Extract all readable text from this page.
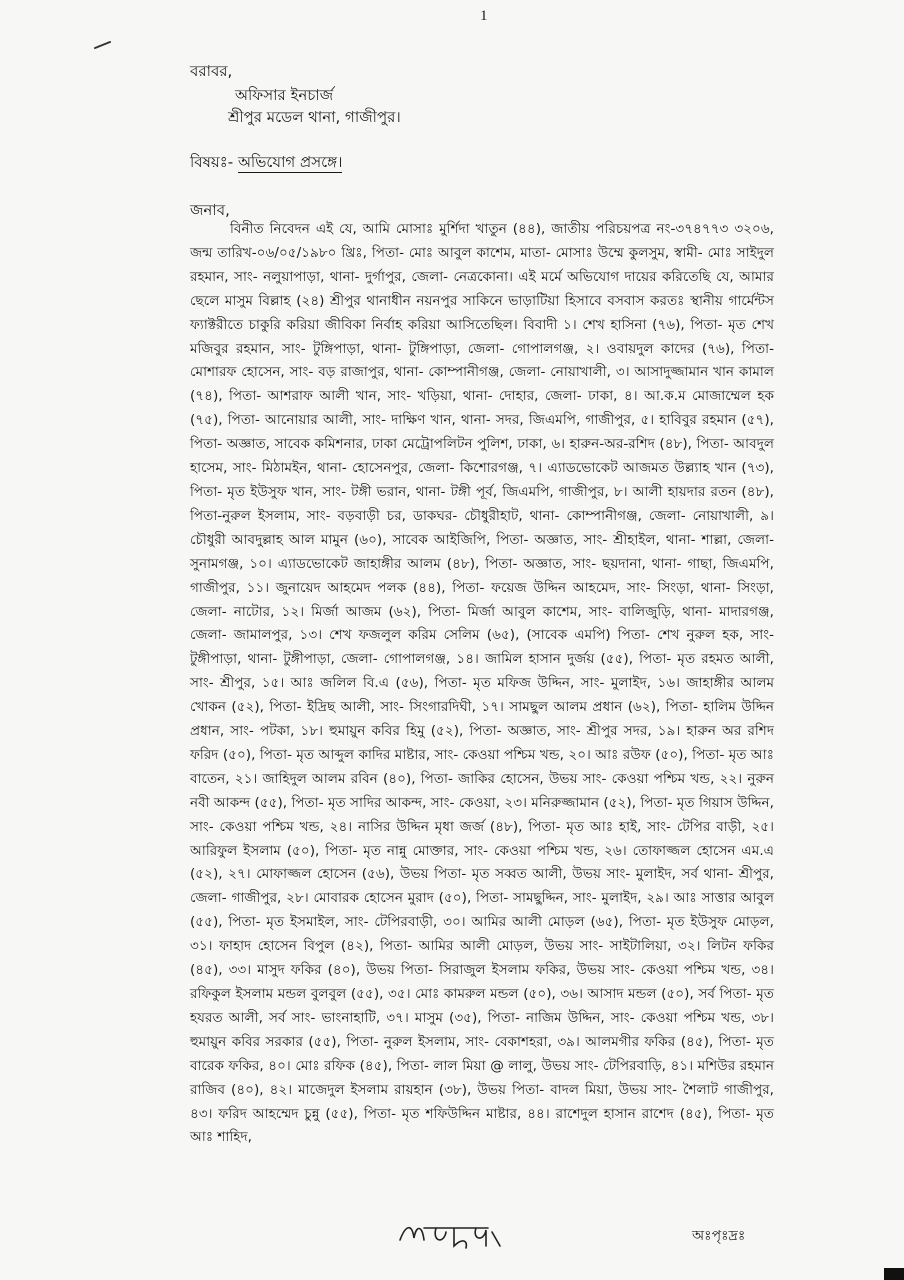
1
বরাবর,
অফিসার ইনচার্জ
শ্রীপুর মডেল থানা, গাজীপুর।
বিষয়ঃ- অভিযোগ প্রসঙ্গে।
জনাব,
বিনীত নিবেদন এই যে, আমি মোসাঃ মুর্শিদা খাতুন (৪৪), জাতীয় পরিচয়পত্র নং-৩৭৪৭৭৩ ৩২০৬, জন্ম তারিখ-০৬/০৫/১৯৮০ খ্রিঃ, পিতা- মোঃ আবুল কাশেম, মাতা- মোসাঃ উম্মে কুলসুম, স্বামী- মোঃ সাইদুল রহমান, সাং- নলুয়াপাড়া, থানা- দুর্গাপুর, জেলা- নেত্রকোনা। এই মর্মে অভিযোগ দায়ের করিতেছি যে, আমার ছেলে মাসুম বিল্লাহ (২৪) শ্রীপুর থানাধীন নয়নপুর সাকিনে ভাড়াটিয়া হিসাবে বসবাস করতঃ স্থানীয় গার্মেন্টস ফ্যাক্টরীতে চাকুরি করিয়া জীবিকা নির্বাহ করিয়া আসিতেছিল। বিবাদী ১। শেখ হাসিনা (৭৬), পিতা- মৃত শেখ মজিবুর রহমান, সাং- টুঙ্গিপাড়া, থানা- টুঙ্গিপাড়া, জেলা- গোপালগঞ্জ, ২। ওবায়দুল কাদের (৭৬), পিতা- মোশারফ হোসেন, সাং- বড় রাজাপুর, থানা- কোম্পানীগঞ্জ, জেলা- নোয়াখালী, ৩। আসাদুজ্জামান খান কামাল (৭৪), পিতা- আশরাফ আলী খান, সাং- খড়িয়া, থানা- দোহার, জেলা- ঢাকা, ৪। আ.ক.ম মোজাম্মেল হক (৭৫), পিতা- আনোয়ার আলী, সাং- দাক্ষিণ খান, থানা- সদর, জিএমপি, গাজীপুর, ৫। হাবিবুর রহমান (৫৭), পিতা- অজ্ঞাত, সাবেক কমিশনার, ঢাকা মেট্রোপলিটন পুলিশ, ঢাকা, ৬। হারুন-অর-রশিদ (৪৮), পিতা- আবদুল হাসেম, সাং- মিঠামইন, থানা- হোসেনপুর, জেলা- কিশোরগঞ্জ, ৭। এ্যাডভোকেট আজমত উল্ল্যাহ খান (৭৩), পিতা- মৃত ইউসুফ খান, সাং- টঙ্গী ভরান, থানা- টঙ্গী পূর্ব, জিএমপি, গাজীপুর, ৮। আলী হায়দার রতন (৪৮), পিতা-নুরুল ইসলাম, সাং- বড়বাড়ী চর, ডাকঘর- চৌধুরীহাট, থানা- কোম্পানীগঞ্জ, জেলা- নোয়াখালী, ৯। চৌধুরী আবদুল্লাহ আল মামুন (৬০), সাবেক আইজিপি, পিতা- অজ্ঞাত, সাং- শ্রীহাইল, থানা- শাল্লা, জেলা- সুনামগঞ্জ, ১০। এ্যাডভোকেট জাহাঙ্গীর আলম (৪৮), পিতা- অজ্ঞাত, সাং- ছয়দানা, থানা- গাছা, জিএমপি, গাজীপুর, ১১। জুনায়েদ আহমেদ পলক (৪৪), পিতা- ফয়েজ উদ্দিন আহমেদ, সাং- সিংড়া, থানা- সিংড়া, জেলা- নাটোর, ১২। মির্জা আজম (৬২), পিতা- মির্জা আবুল কাশেম, সাং- বালিজুড়ি, থানা- মাদারগঞ্জ, জেলা- জামালপুর, ১৩। শেখ ফজলুল করিম সেলিম (৬৫), (সাবেক এমপি) পিতা- শেখ নুরুল হক, সাং- টুঙ্গীপাড়া, থানা- টুঙ্গীপাড়া, জেলা- গোপালগঞ্জ, ১৪। জামিল হাসান দুর্জয় (৫৫), পিতা- মৃত রহমত আলী, সাং- শ্রীপুর, ১৫। আঃ জলিল বি.এ (৫৬), পিতা- মৃত মফিজ উদ্দিন, সাং- মুলাইদ, ১৬। জাহাঙ্গীর আলম খোকন (৫২), পিতা- ইদ্রিছ আলী, সাং- সিংগারদিঘী, ১৭। সামছুল আলম প্রধান (৬২), পিতা- হালিম উদ্দিন প্রধান, সাং- পটকা, ১৮। হুমায়ুন কবির হিমু (৫২), পিতা- অজ্ঞাত, সাং- শ্রীপুর সদর, ১৯। হারুন অর রশিদ ফরিদ (৫০), পিতা- মৃত আব্দুল কাদির মাষ্টার, সাং- কেওয়া পশ্চিম খন্ড, ২০। আঃ রউফ (৫০), পিতা- মৃত আঃ বাতেন, ২১। জাহিদুল আলম রবিন (৪০), পিতা- জাকির হোসেন, উভয় সাং- কেওয়া পশ্চিম খন্ড, ২২। নুরুন নবী আকন্দ (৫৫), পিতা- মৃত সাদির আকন্দ, সাং- কেওয়া, ২৩। মনিরুজ্জামান (৫২), পিতা- মৃত গিয়াস উদ্দিন, সাং- কেওয়া পশ্চিম খন্ড, ২৪। নাসির উদ্দিন মৃধা জর্জ (৪৮), পিতা- মৃত আঃ হাই, সাং- টেপির বাড়ী, ২৫। আরিফুল ইসলাম (৫০), পিতা- মৃত নান্নু মোক্তার, সাং- কেওয়া পশ্চিম খন্ড, ২৬। তোফাজ্জল হোসেন এম.এ (৫২), ২৭। মোফাজ্জল হোসেন (৫৬), উভয় পিতা- মৃত সব্বত আলী, উভয় সাং- মুলাইদ, সর্ব থানা- শ্রীপুর, জেলা- গাজীপুর, ২৮। মোবারক হোসেন মুরাদ (৫০), পিতা- সামছুদ্দিন, সাং- মুলাইদ, ২৯। আঃ সাত্তার আবুল (৫৫), পিতা- মৃত ইসমাইল, সাং- টেপিরবাড়ী, ৩০। আমির আলী মোড়ল (৬৫), পিতা- মৃত ইউসুফ মোড়ল, ৩১। ফাহাদ হোসেন বিপুল (৪২), পিতা- আমির আলী মোড়ল, উভয় সাং- সাইটালিয়া, ৩২। লিটন ফকির (৪৫), ৩৩। মাসুদ ফকির (৪০), উভয় পিতা- সিরাজুল ইসলাম ফকির, উভয় সাং- কেওয়া পশ্চিম খন্ড, ৩৪। রফিকুল ইসলাম মন্ডল বুলবুল (৫৫), ৩৫। মোঃ কামরুল মন্ডল (৫০), ৩৬। আসাদ মন্ডল (৫০), সর্ব পিতা- মৃত হযরত আলী, সর্ব সাং- ভাংনাহাটি, ৩৭। মাসুম (৩৫), পিতা- নাজিম উদ্দিন, সাং- কেওয়া পশ্চিম খন্ড, ৩৮। হুমায়ুন কবির সরকার (৫৫), পিতা- নুরুল ইসলাম, সাং- বেকাশহরা, ৩৯। আলমগীর ফকির (৪৫), পিতা- মৃত বারেক ফকির, ৪০। মোঃ রফিক (৪৫), পিতা- লাল মিয়া @ লালু, উভয় সাং- টেপিরবাড়ি, ৪১। মশিউর রহমান রাজিব (৪০), ৪২। মাজেদুল ইসলাম রায়হান (৩৮), উভয় পিতা- বাদল মিয়া, উভয় সাং- শৈলাট গাজীপুর, ৪৩। ফরিদ আহম্মেদ চুন্নু (৫৫), পিতা- মৃত শফিউদ্দিন মাষ্টার, ৪৪। রাশেদুল হাসান রাশেদ (৪৫), পিতা- মৃত আঃ শাহিদ,
অঃপৃঃদ্রঃ
